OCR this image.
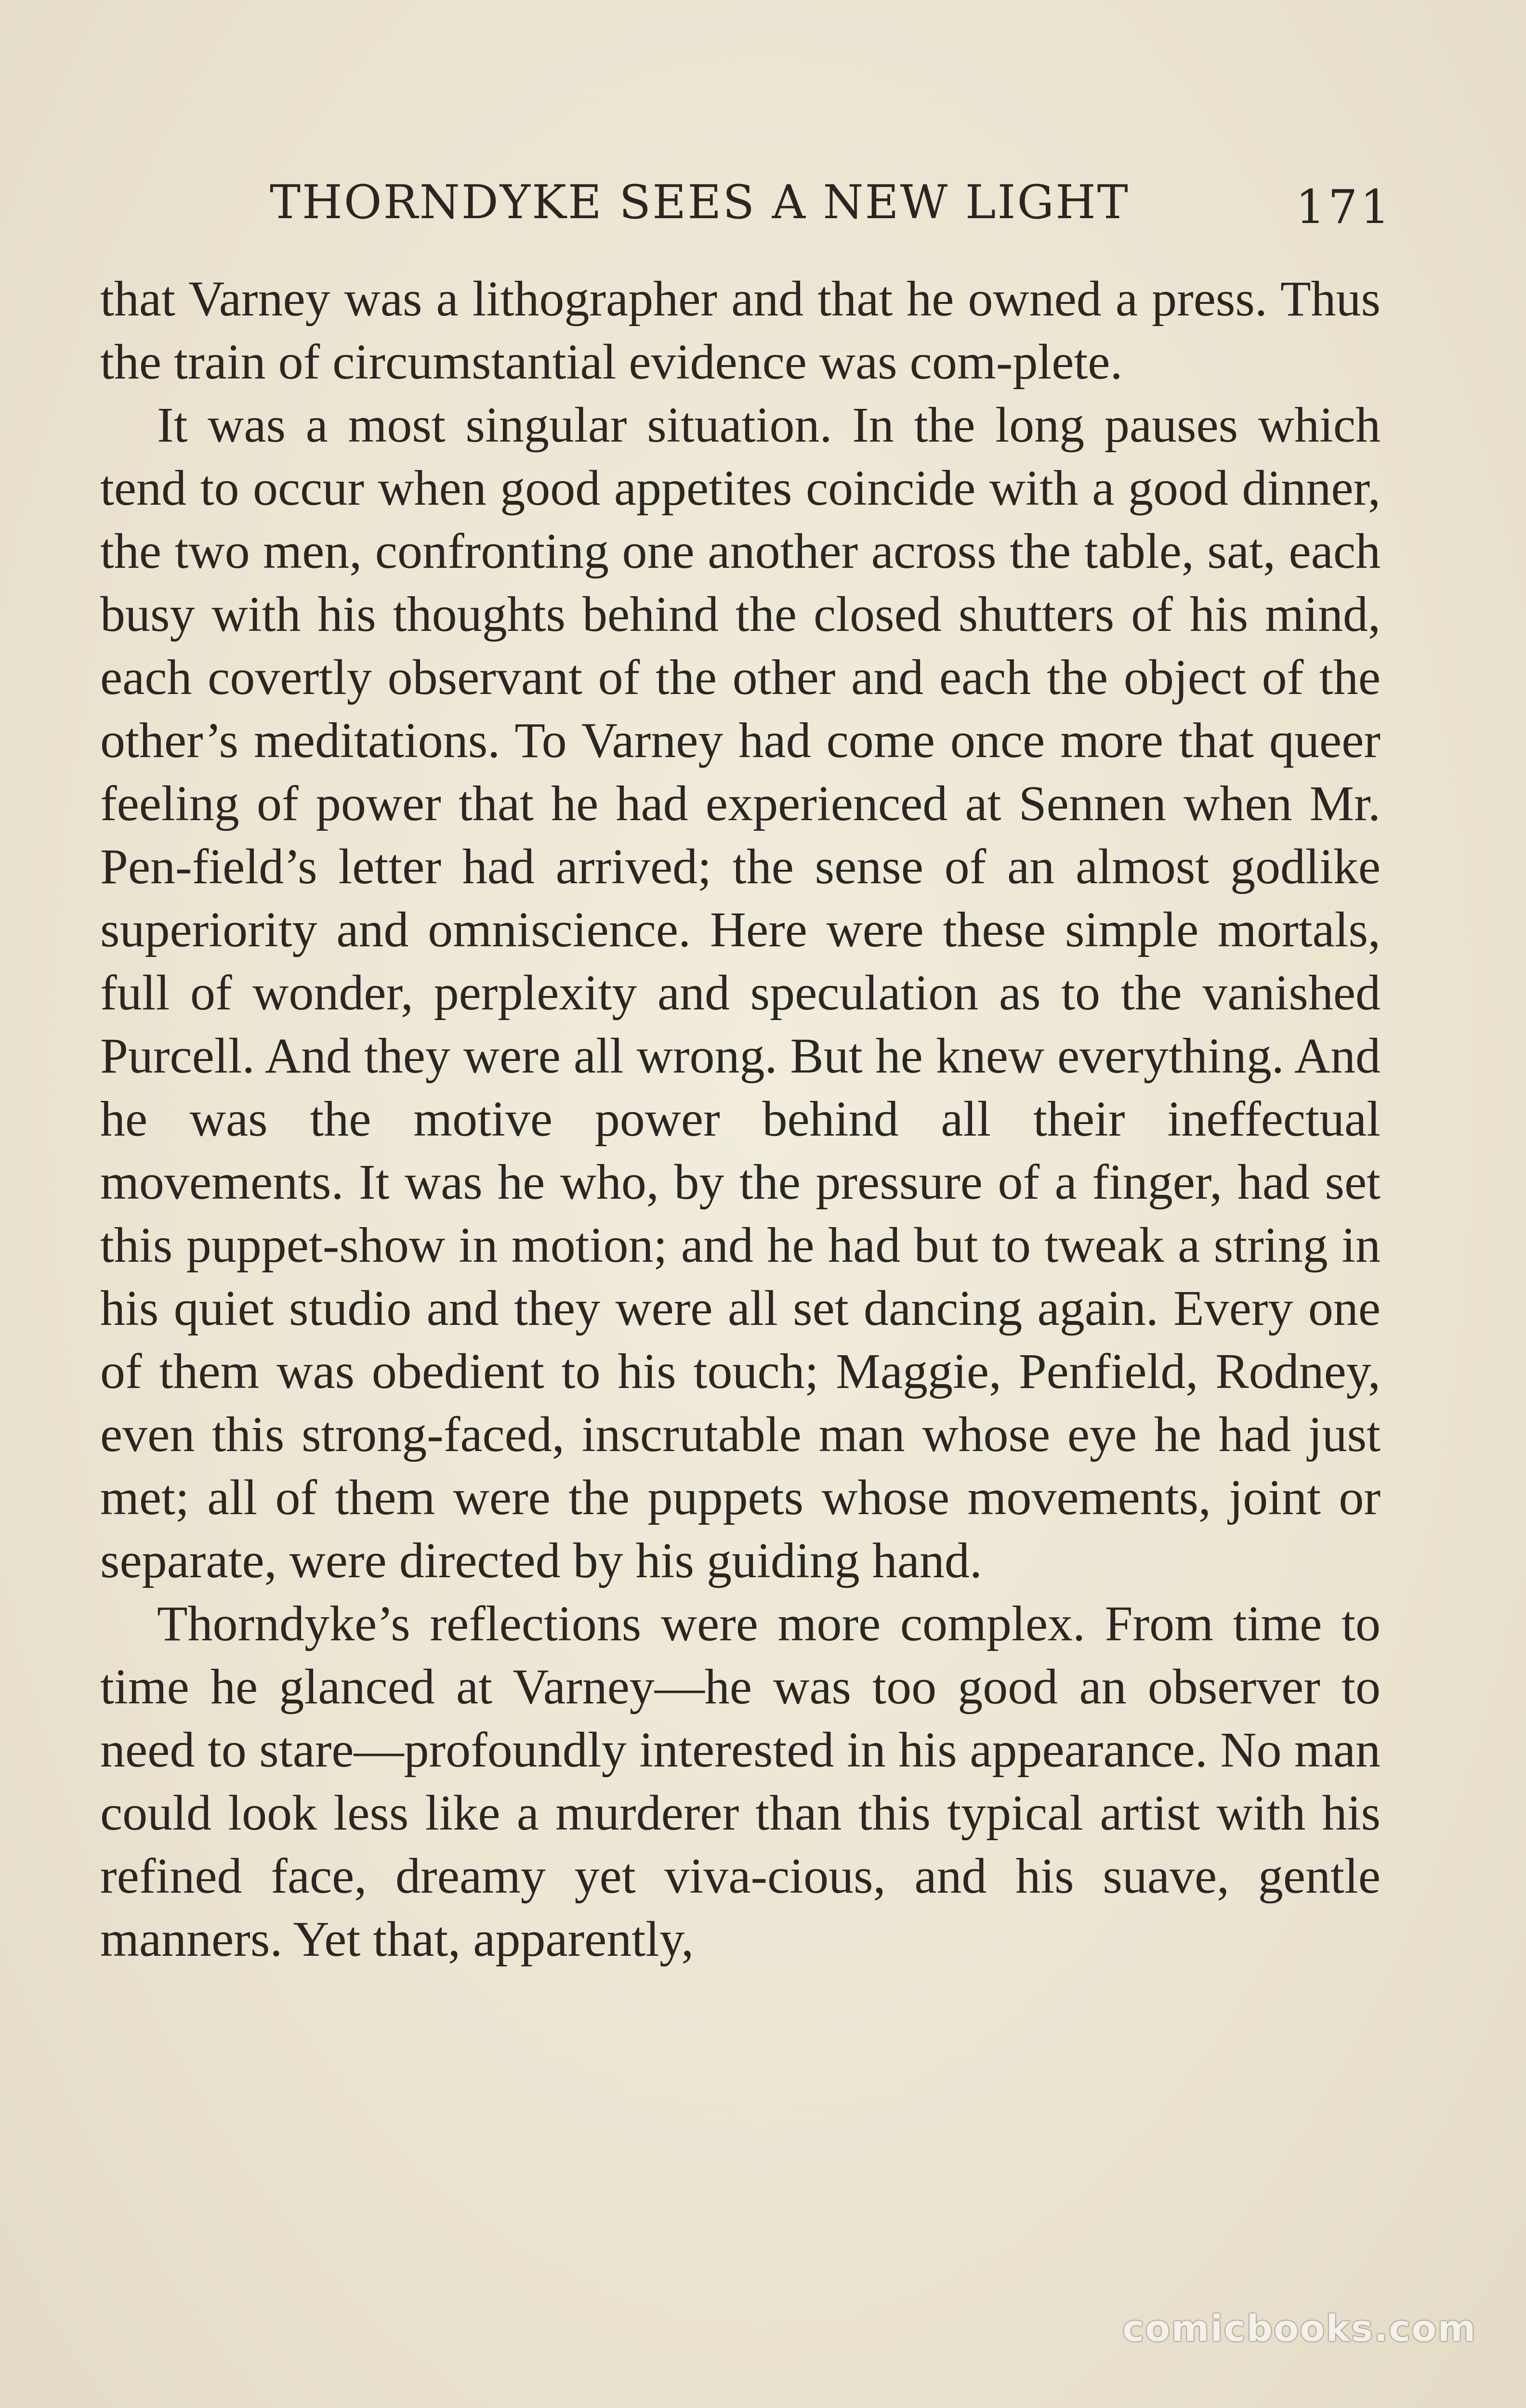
THORNDYKE SEES A NEW LIGHT	171

that Varney was a lithographer and that he owned a press. Thus the train of circumstantial evidence was com-plete.

It was a most singular situation. In the long pauses which tend to occur when good appetites coincide with a good dinner, the two men, confronting one another across the table, sat, each busy with his thoughts behind the closed shutters of his mind, each covertly observant of the other and each the object of the other’s meditations. To Varney had come once more that queer feeling of power that he had experienced at Sennen when Mr. Pen-field’s letter had arrived; the sense of an almost godlike superiority and omniscience. Here were these simple mortals, full of wonder, perplexity and speculation as to the vanished Purcell. And they were all wrong. But he knew everything. And he was the motive power behind all their ineffectual movements. It was he who, by the pressure of a finger, had set this puppet-show in motion; and he had but to tweak a string in his quiet studio and they were all set dancing again. Every one of them was obedient to his touch; Maggie, Penfield, Rodney, even this strong-faced, inscrutable man whose eye he had just met; all of them were the puppets whose movements, joint or separate, were directed by his guiding hand.

Thorndyke’s reflections were more complex. From time to time he glanced at Varney—he was too good an observer to need to stare—profoundly interested in his appearance. No man could look less like a murderer than this typical artist with his refined face, dreamy yet viva-cious, and his suave, gentle manners. Yet that, apparently,

comicbooks.com
